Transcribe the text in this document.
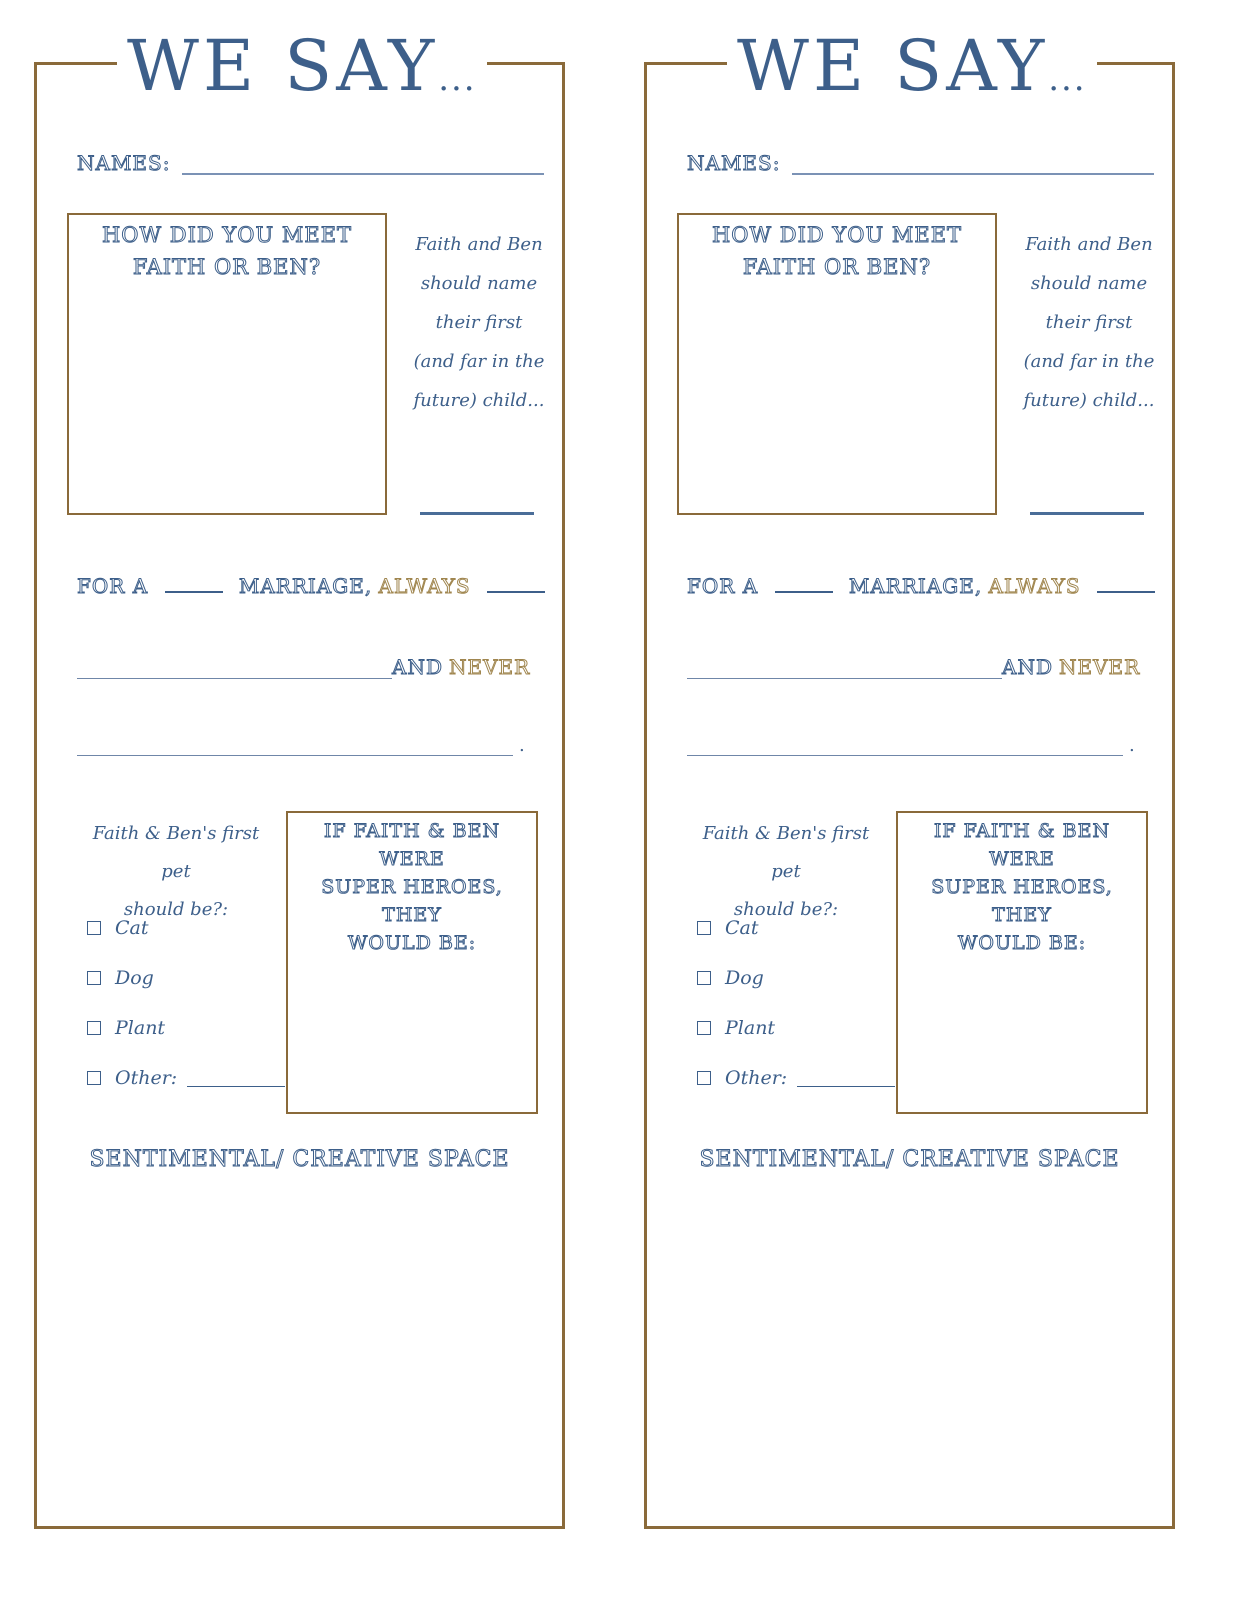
WE SAY...
NAMES:
HOW DID YOU MEET
FAITH OR BEN?
Faith and Ben
should name
their first
(and far in the
future) child...
FOR A	MARRIAGE, ALWAYS
AND NEVER
.
Faith & Ben's first pet
should be?:
Cat
Dog
Plant
Other:
IF FAITH & BEN WERE
SUPER HEROES, THEY
WOULD BE:
SENTIMENTAL/ CREATIVE SPACE
WE SAY...
NAMES:
HOW DID YOU MEET
FAITH OR BEN?
Faith and Ben
should name
their first
(and far in the
future) child...
FOR A	MARRIAGE, ALWAYS
AND NEVER
.
Faith & Ben's first pet
should be?:
Cat
Dog
Plant
Other:
IF FAITH & BEN WERE
SUPER HEROES, THEY
WOULD BE:
SENTIMENTAL/ CREATIVE SPACE
